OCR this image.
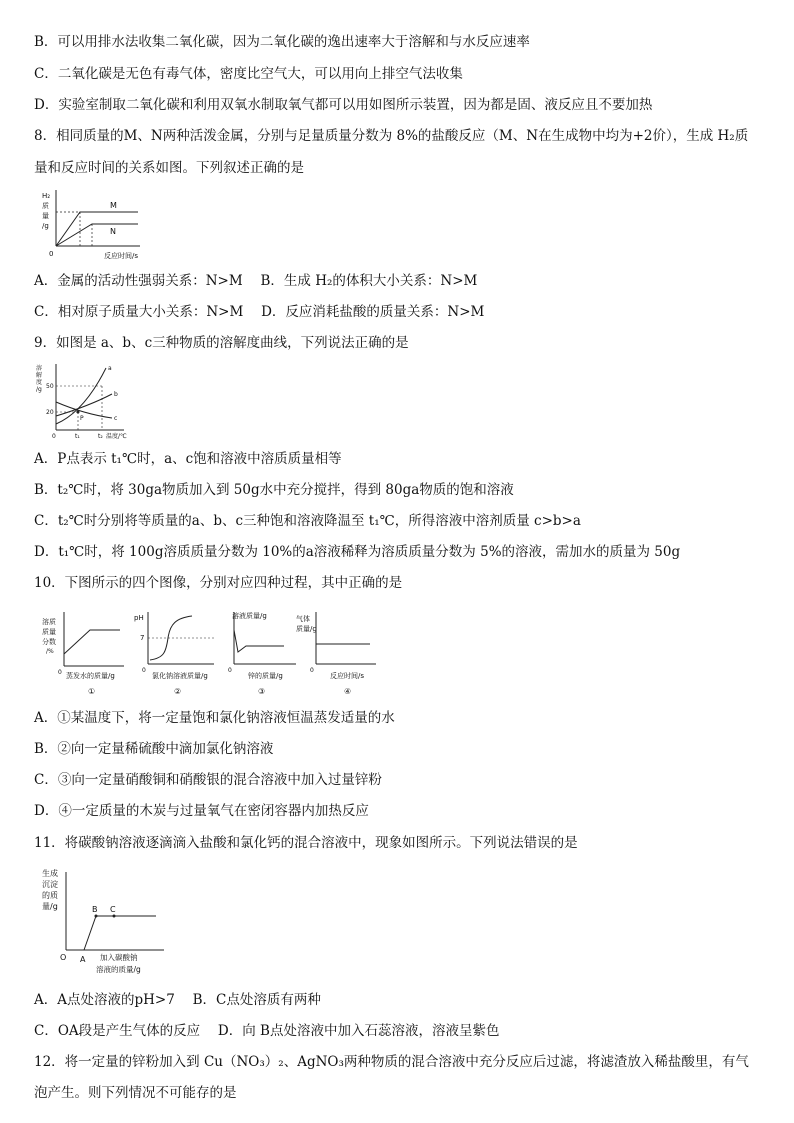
B．可以用排水法收集二氧化碳，因为二氧化碳的逸出速率大于溶解和与水反应速率
C．二氧化碳是无色有毒气体，密度比空气大，可以用向上排空气法收集
D．实验室制取二氧化碳和利用双氧水制取氧气都可以用如图所示装置，因为都是固、液反应且不要加热
8．相同质量的M、N两种活泼金属，分别与足量质量分数为 8%的盐酸反应（M、N在生成物中均为+2价），生成 H₂质
量和反应时间的关系如图。下列叙述正确的是
H₂
质
量
/g
M
N
0	反应时间/s
A．金属的活动性强弱关系：N>M　 B．生成 H₂的体积大小关系：N>M
C．相对原子质量大小关系：N>M　 D．反应消耗盐酸的质量关系：N>M
9．如图是 a、b、c三种物质的溶解度曲线，下列说法正确的是
溶
解
度
/g 50
20
a
b
c
P
0	t₁	t₂ 温度/℃
A．P点表示 t₁℃时，a、c饱和溶液中溶质质量相等
B．t₂℃时，将 30ga物质加入到 50g水中充分搅拌，得到 80ga物质的饱和溶液
C．t₂℃时分别将等质量的a、b、c三种饱和溶液降温至 t₁℃，所得溶液中溶剂质量 c>b>a
D．t₁℃时，将 100g溶质质量分数为 10%的a溶液稀释为溶质质量分数为 5%的溶液，需加水的质量为 50g
10．下图所示的四个图像，分别对应四种过程，其中正确的是
溶质
质量
分数
/%
0 蒸发水的质量/g
①
pH
7
0
氯化钠溶液质量/g
②
溶液质量/g
0
锌的质量/g
③
气体
质量/g
0
反应时间/s
④
A．①某温度下，将一定量饱和氯化钠溶液恒温蒸发适量的水
B．②向一定量稀硫酸中滴加氯化钠溶液
C．③向一定量硝酸铜和硝酸银的混合溶液中加入过量锌粉
D．④一定质量的木炭与过量氧气在密闭容器内加热反应
11．将碳酸钠溶液逐滴滴入盐酸和氯化钙的混合溶液中，现象如图所示。下列说法错误的是
生成
沉淀
的质
量/g
O A
B C
加入碳酸钠
溶液的质量/g
A．A点处溶液的pH>7　 B．C点处溶质有两种
C．OA段是产生气体的反应　 D．向 B点处溶液中加入石蕊溶液，溶液呈紫色
12．将一定量的锌粉加入到 Cu（NO₃）₂、AgNO₃两种物质的混合溶液中充分反应后过滤，将滤渣放入稀盐酸里，有气
泡产生。则下列情况不可能存的是
